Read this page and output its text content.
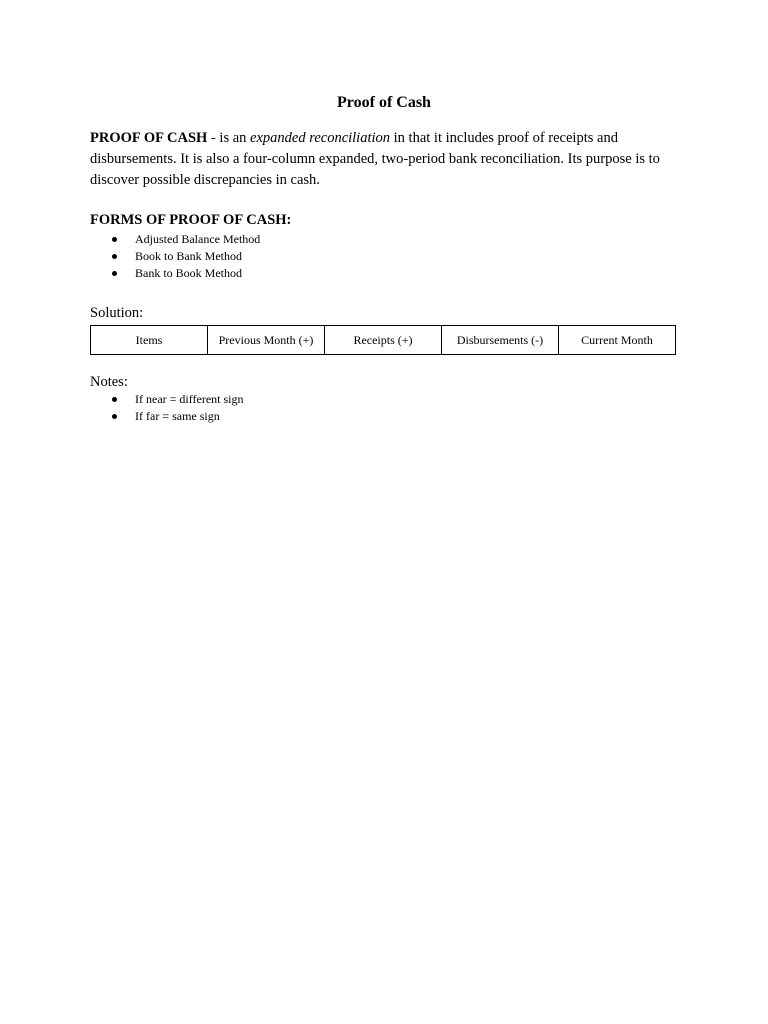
Proof of Cash
PROOF OF CASH - is an expanded reconciliation in that it includes proof of receipts and disbursements. It is also a four-column expanded, two-period bank reconciliation. Its purpose is to discover possible discrepancies in cash.
FORMS OF PROOF OF CASH:
Adjusted Balance Method
Book to Bank Method
Bank to Book Method
Solution:
Items	Previous Month (+)	Receipts (+)	Disbursements (-)	Current Month
Notes:
If near = different sign
If far = same sign
